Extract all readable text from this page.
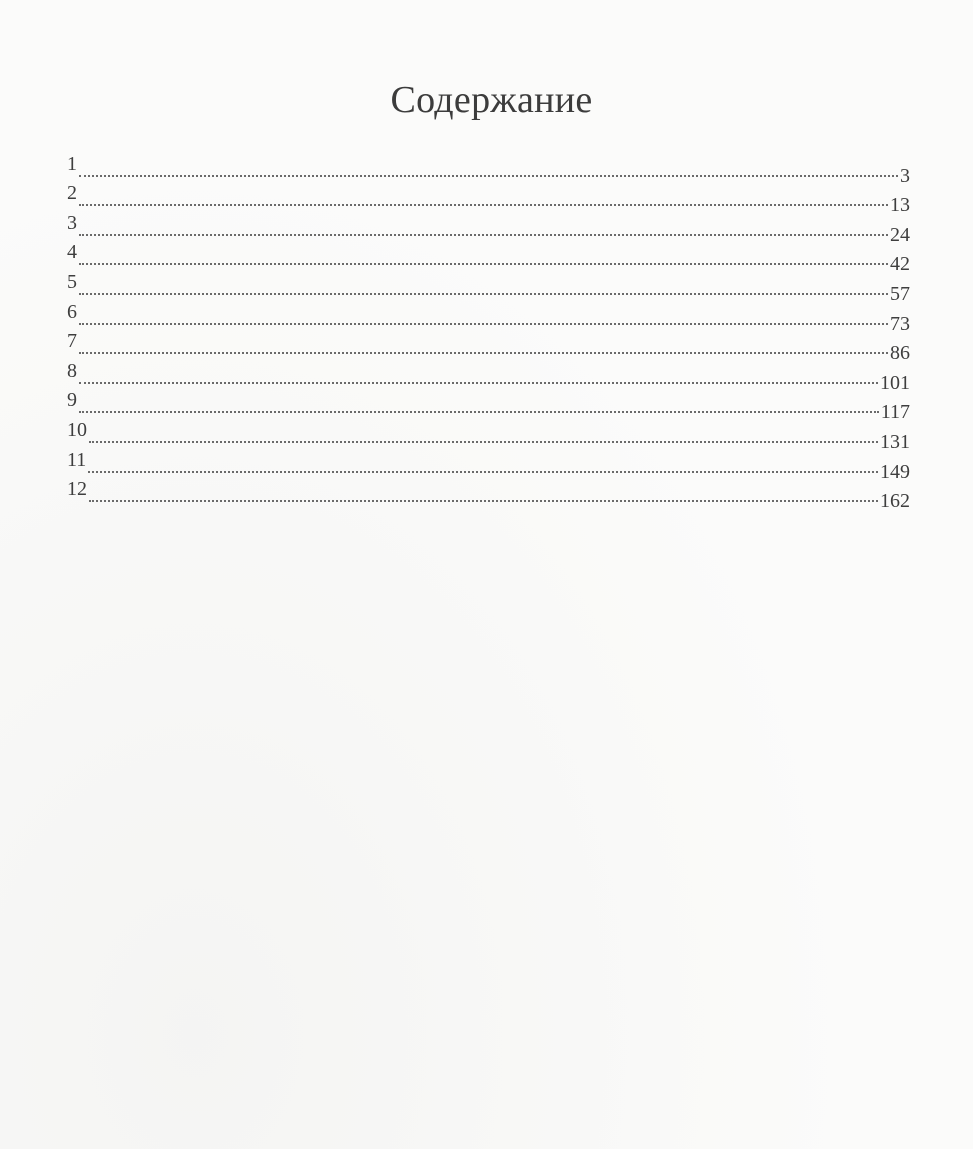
Содержание
1
3
2
13
3
24
4
42
5
57
6
73
7
86
8
101
9
117
10
131
11
149
12
162
